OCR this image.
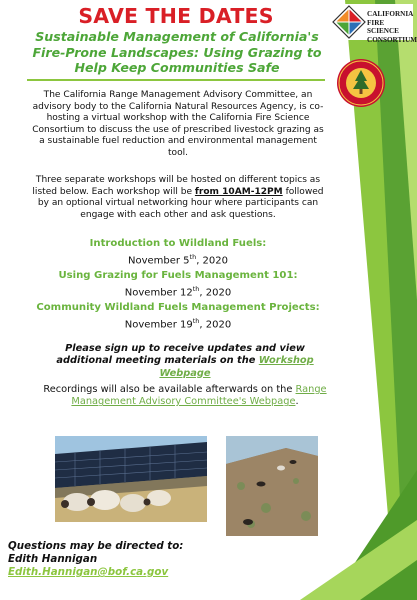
SAVE THE DATES
Sustainable Management of California's Fire-Prone Landscapes: Using Grazing to Help Keep Communities Safe
CALIFORNIA
FIRE SCIENCE
CONSORTIUM
The California Range Management Advisory Committee, an advisory body to the California Natural Resources Agency, is co-hosting a virtual workshop with the California Fire Science Consortium to discuss the use of prescribed livestock grazing as a sustainable fuel reduction and environmental management tool.
Three separate workshops will be hosted on different topics as listed below. Each workshop will be from 10AM-12PM followed by an optional virtual networking hour where participants can engage with each other and ask questions.
Introduction to Wildland Fuels:
November 5th, 2020
Using Grazing for Fuels Management 101:
November 12th, 2020
Community Wildland Fuels Management Projects:
November 19th, 2020
Please sign up to receive updates and view additional meeting materials on the Workshop Webpage
Recordings will also be available afterwards on the Range Management Advisory Committee's Webpage.
Questions may be directed to:
Edith Hannigan
Edith.Hannigan@bof.ca.gov
